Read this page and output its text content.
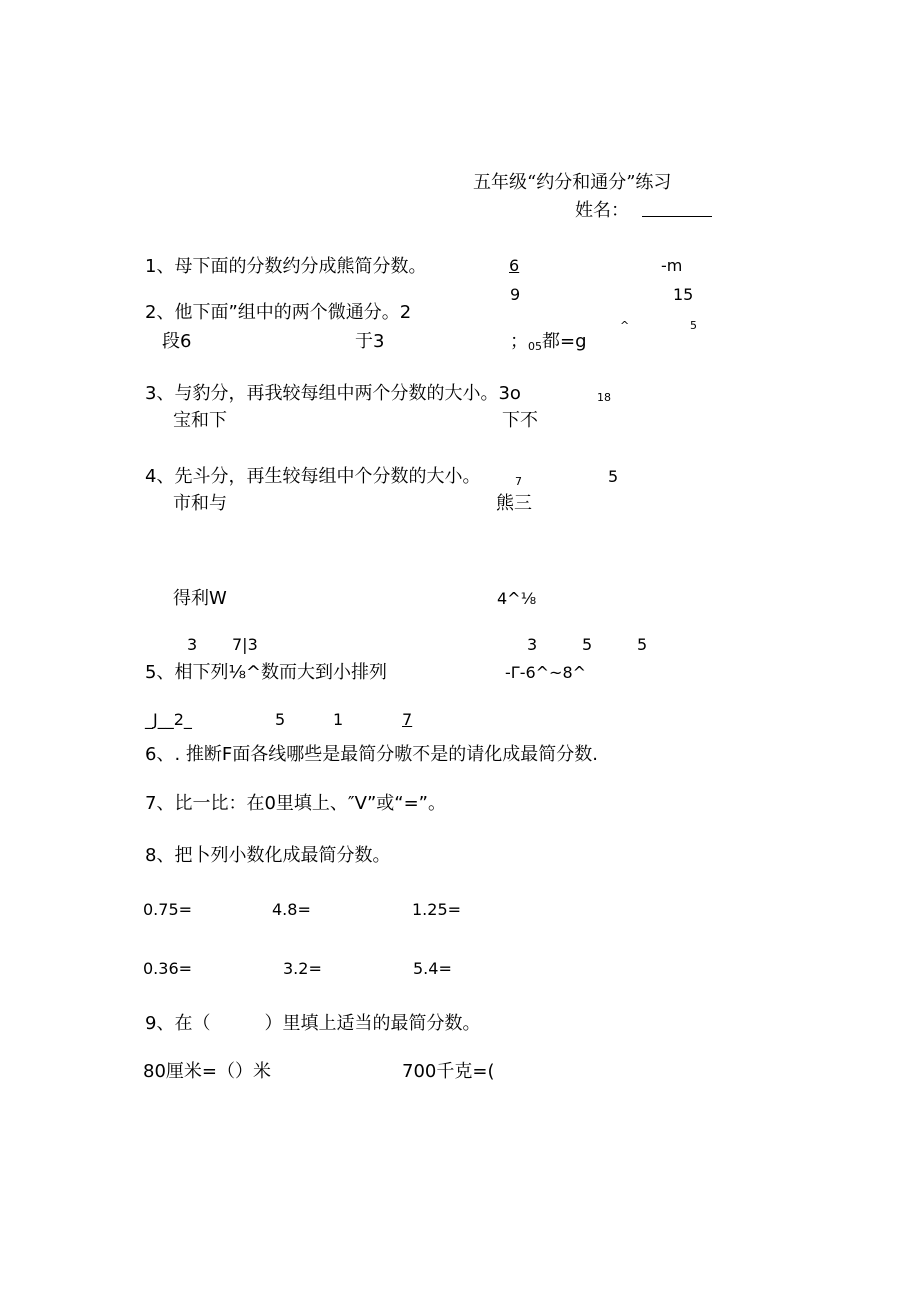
五年级“约分和通分”练习
姓名：
1、母下面的分数约分成熊简分数。	6	-m
9	15
2、他下面”组中的两个微通分。2
^	5
段6	于3	； 05 都=g
3、与豹分，再我较每组中两个分数的大小。3o	18
宝和下	下不
4、先斗分，再生较每组中个分数的大小。	7	5
市和与	熊三
得利W	4^⅛
3 7|3	3	5	5
5、相下列⅛^数而大到小排列	-Γ-6^~8^
_J__2_	5	1	7
6、. 推断F面各线哪些是最简分嗷不是的请化成最简分数.
7、比一比：在0里填上、″V”或“=”。
8、把卜列小数化成最简分数。
0.75=	4.8=	1.25=
0.36=	3.2=	5.4=
9、在（　　　）里填上适当的最简分数。
80厘米=（）米	700千克=(
